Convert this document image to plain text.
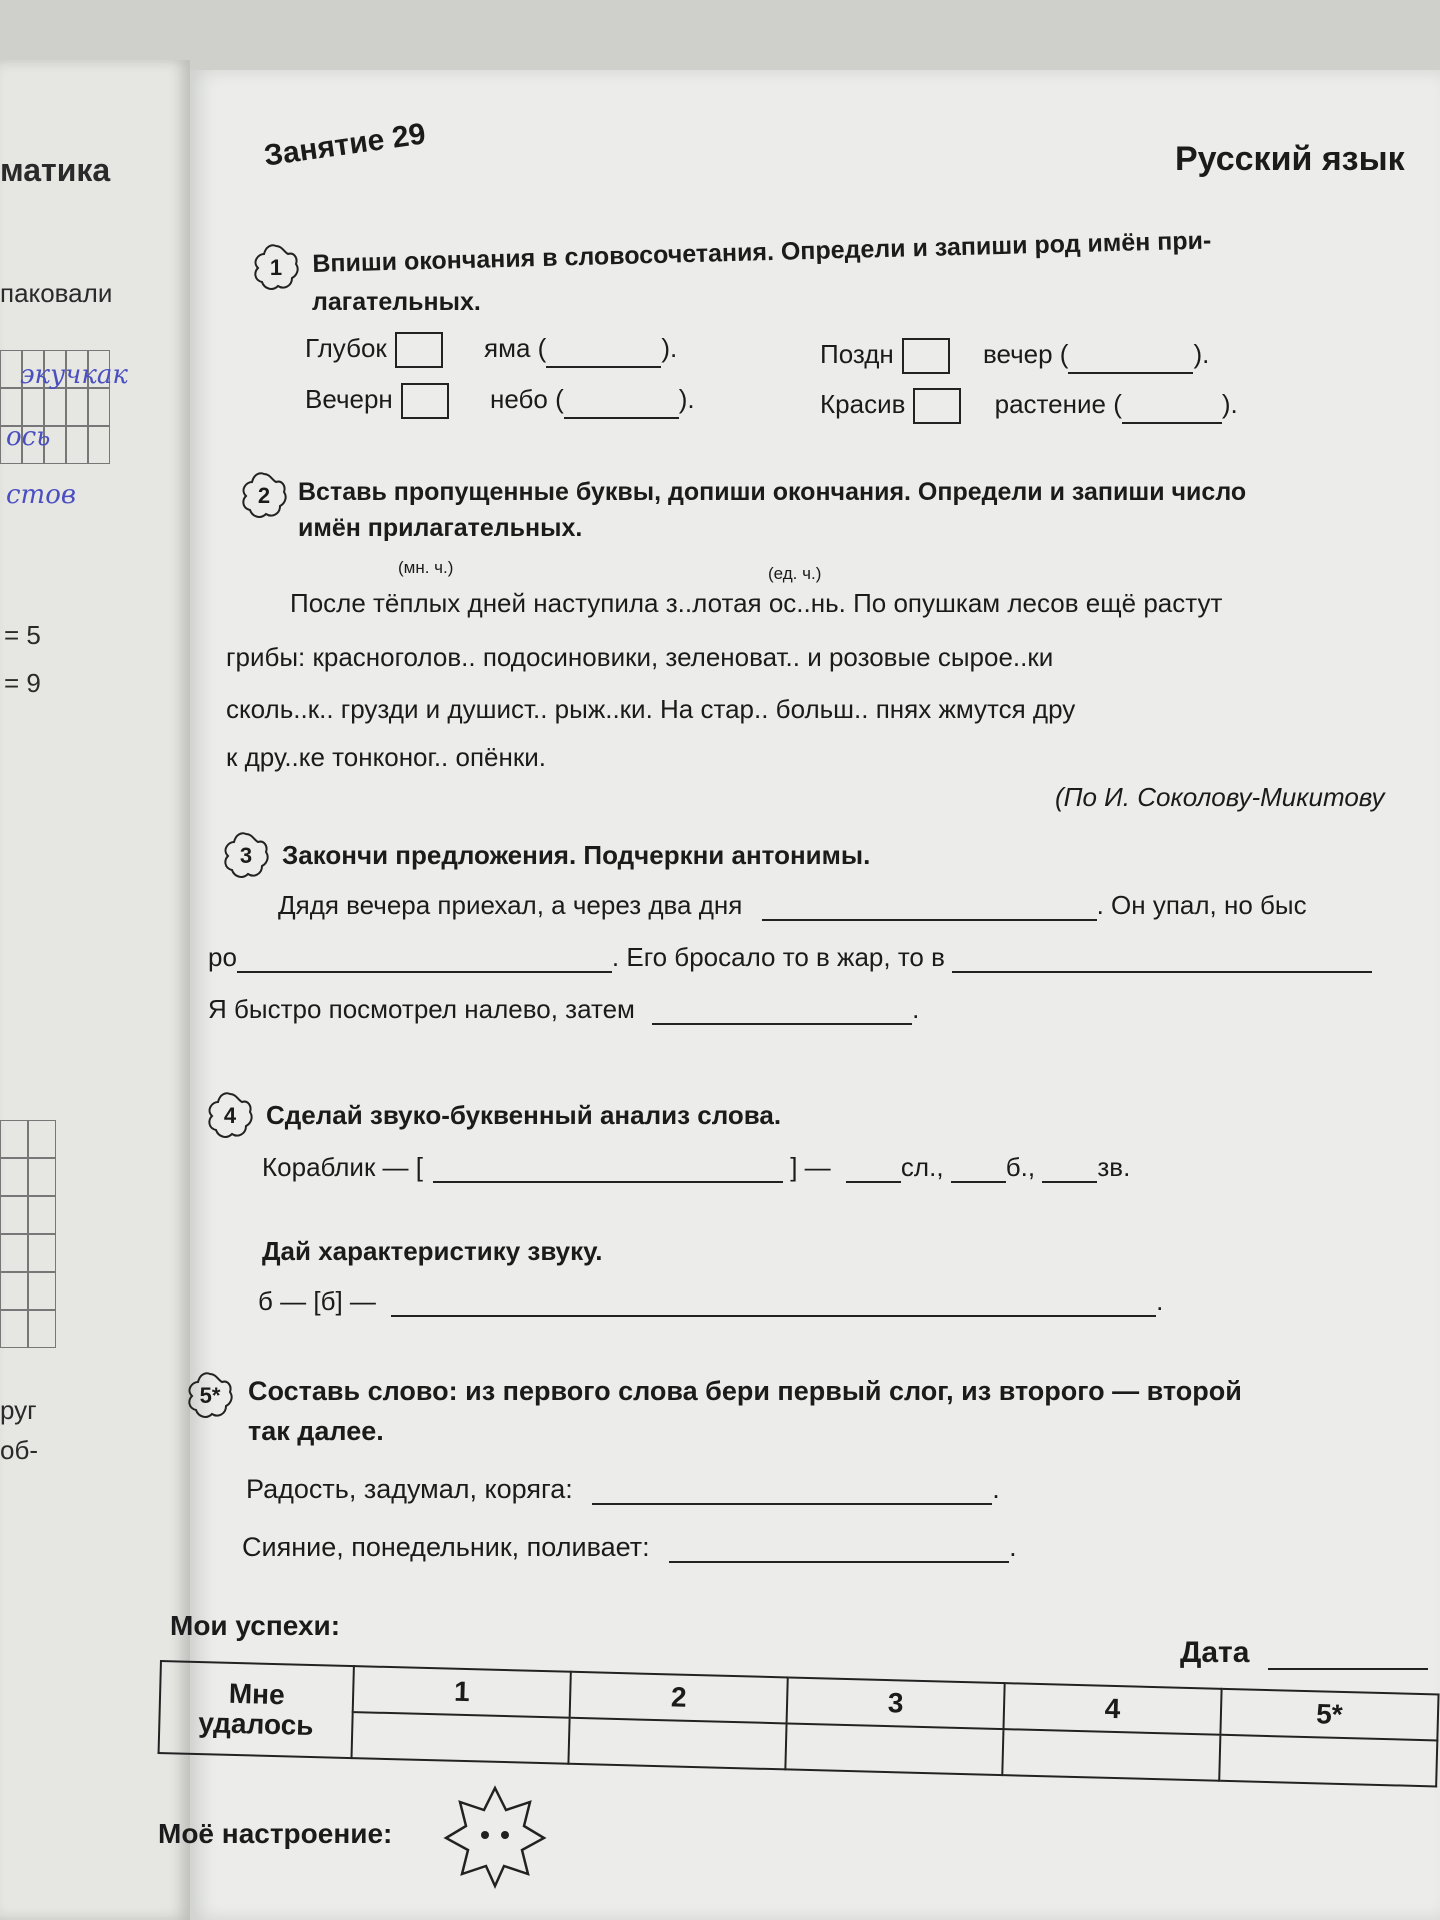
матика
паковали
экучкак
ось
стов
= 5
= 9
руг
об-
Занятие 29	Русский язык
1	Впиши окончания в словосочетания. Определи и запиши род имён при-
лагательных.
Глубок	яма (	).
Вечерн	небо (	).
Поздн	вечер (	).
Красив	растение (	).
2	Вставь пропущенные буквы, допиши окончания. Определи и запиши число
имён прилагательных.
(мн. ч.)	(ед. ч.)
После тёплых дней наступила з..лотая ос..нь. По опушкам лесов ещё растут
грибы: красноголов.. подосиновики, зеленоват.. и розовые сырое..ки
сколь..к.. грузди и душист.. рыж..ки. На стар.. больш.. пнях жмутся дру
к дру..ке тонконог.. опёнки.
(По И. Соколову-Микитову
3	Закончи предложения. Подчеркни антонимы.
Дядя вечера приехал, а через два дня	. Он упал, но быс
ро	. Его бросало то в жар, то в
Я быстро посмотрел налево, затем	.
4	Сделай звуко-буквенный анализ слова.
Кораблик — [	] —	сл., б., зв.
Дай характеристику звуку.
б — [б] —	.
5*	Составь слово: из первого слова бери первый слог, из второго — второй
так далее.
Радость, задумал, коряга:	.
Сияние, понедельник, поливает:	.
Мои успехи:
Дата
Мне
удалось	1	2	3	4	5*

Моё настроение:
